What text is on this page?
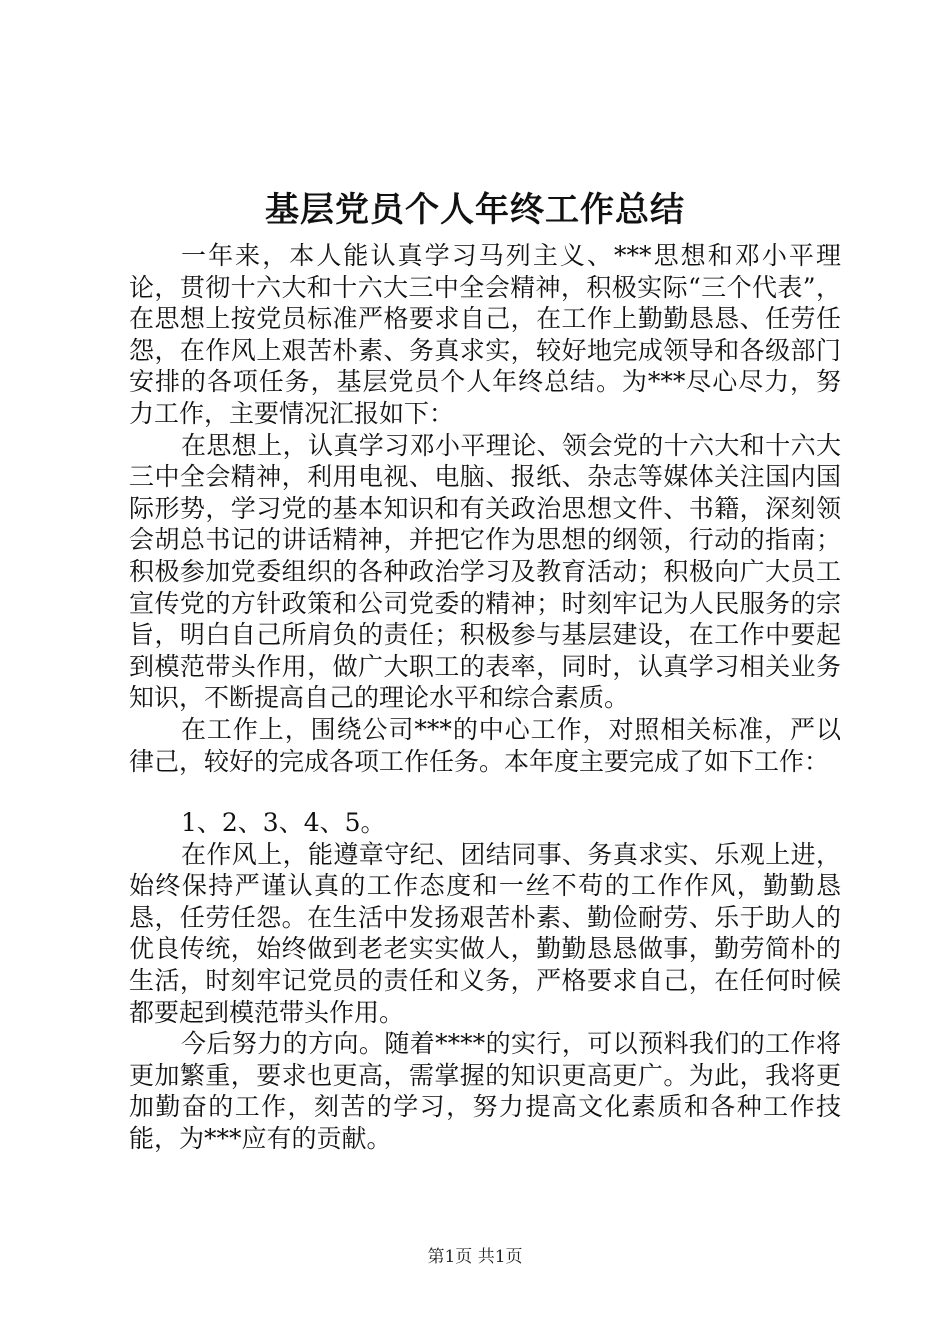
基层党员个人年终工作总结

一年来，本人能认真学习马列主义、***思想和邓小平理论，贯彻十六大和十六大三中全会精神，积极实际“三个代表”，在思想上按党员标准严格要求自己，在工作上勤勤恳恳、任劳任怨，在作风上艰苦朴素、务真求实，较好地完成领导和各级部门安排的各项任务，基层党员个人年终总结。为***尽心尽力，努力工作，主要情况汇报如下：

在思想上，认真学习邓小平理论、领会党的十六大和十六大三中全会精神，利用电视、电脑、报纸、杂志等媒体关注国内国际形势，学习党的基本知识和有关政治思想文件、书籍，深刻领会胡总书记的讲话精神，并把它作为思想的纲领，行动的指南；积极参加党委组织的各种政治学习及教育活动；积极向广大员工宣传党的方针政策和公司党委的精神；时刻牢记为人民服务的宗旨，明白自己所肩负的责任；积极参与基层建设，在工作中要起到模范带头作用，做广大职工的表率，同时，认真学习相关业务知识，不断提高自己的理论水平和综合素质。

在工作上，围绕公司***的中心工作，对照相关标准，严以律己，较好的完成各项工作任务。本年度主要完成了如下工作：

1、2、3、4、5。

在作风上，能遵章守纪、团结同事、务真求实、乐观上进，始终保持严谨认真的工作态度和一丝不苟的工作作风，勤勤恳恳，任劳任怨。在生活中发扬艰苦朴素、勤俭耐劳、乐于助人的优良传统，始终做到老老实实做人，勤勤恳恳做事，勤劳简朴的生活，时刻牢记党员的责任和义务，严格要求自己，在任何时候都要起到模范带头作用。

今后努力的方向。随着****的实行，可以预料我们的工作将更加繁重，要求也更高，需掌握的知识更高更广。为此，我将更加勤奋的工作，刻苦的学习，努力提高文化素质和各种工作技能，为***应有的贡献。

第1页 共1页
